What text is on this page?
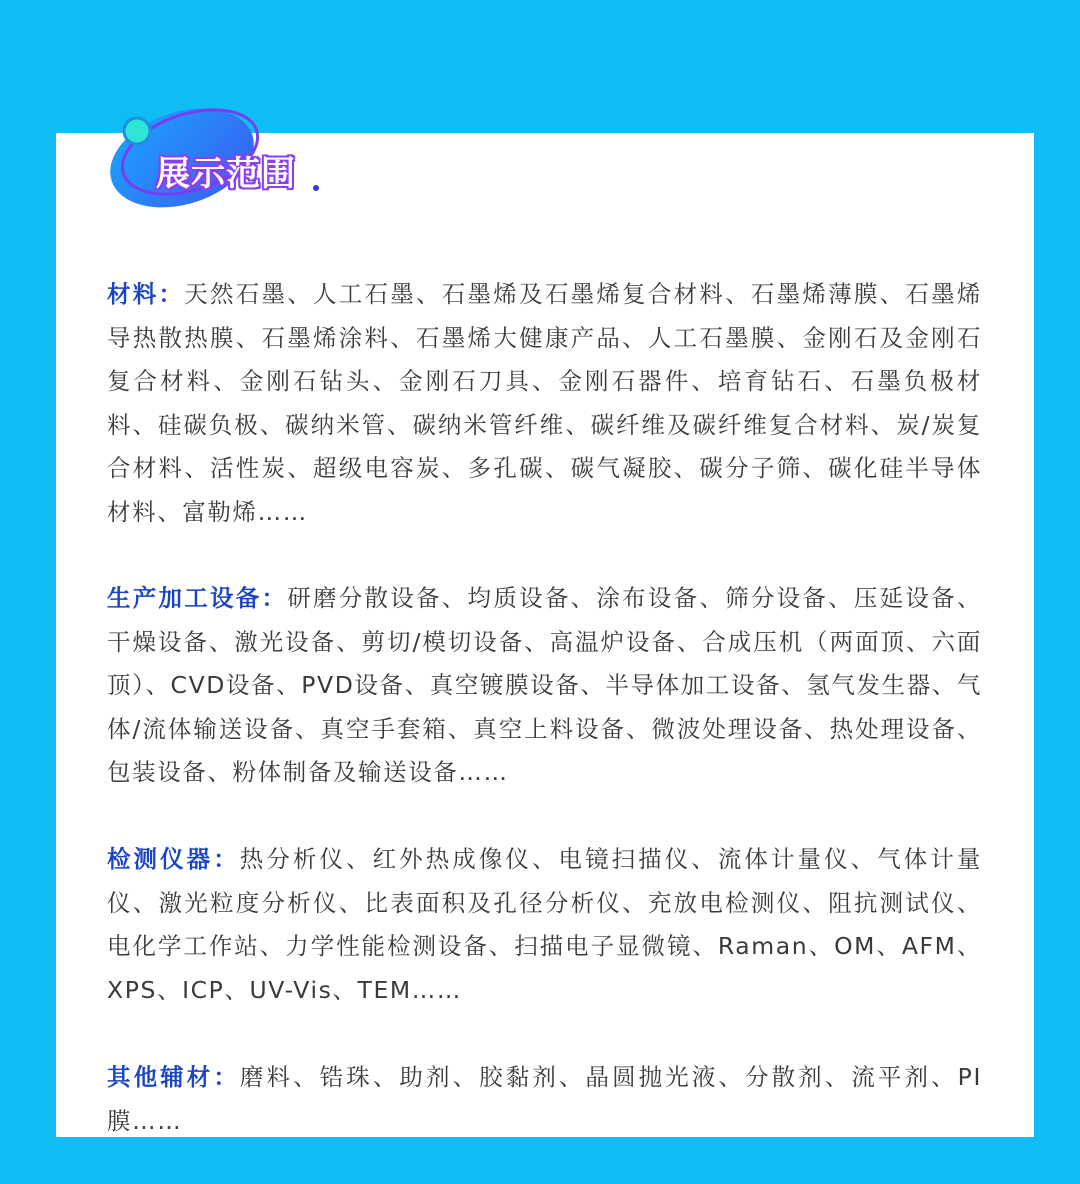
展示范围
材料：天然石墨、人工石墨、石墨烯及石墨烯复合材料、石墨烯薄膜、石墨烯导热散热膜、石墨烯涂料、石墨烯大健康产品、人工石墨膜、金刚石及金刚石复合材料、金刚石钻头、金刚石刀具、金刚石器件、培育钻石、石墨负极材料、硅碳负极、碳纳米管、碳纳米管纤维、碳纤维及碳纤维复合材料、炭/炭复合材料、活性炭、超级电容炭、多孔碳、碳气凝胶、碳分子筛、碳化硅半导体材料、富勒烯……
生产加工设备：研磨分散设备、均质设备、涂布设备、筛分设备、压延设备、干燥设备、激光设备、剪切/模切设备、高温炉设备、合成压机（两面顶、六面顶）、CVD设备、PVD设备、真空镀膜设备、半导体加工设备、氢气发生器、气体/流体输送设备、真空手套箱、真空上料设备、微波处理设备、热处理设备、包装设备、粉体制备及输送设备……
检测仪器：热分析仪、红外热成像仪、电镜扫描仪、流体计量仪、气体计量仪、激光粒度分析仪、比表面积及孔径分析仪、充放电检测仪、阻抗测试仪、电化学工作站、力学性能检测设备、扫描电子显微镜、Raman、OM、AFM、XPS、ICP、UV-Vis、TEM……
其他辅材：磨料、锆珠、助剂、胶黏剂、晶圆抛光液、分散剂、流平剂、PI膜……
